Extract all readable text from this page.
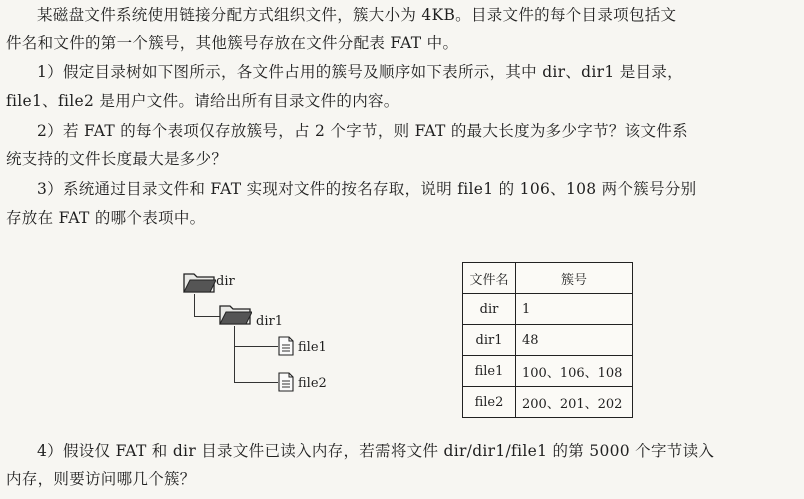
某磁盘文件系统使用链接分配方式组织文件，簇大小为 4KB。目录文件的每个目录项包括文

件名和文件的第一个簇号，其他簇号存放在文件分配表 FAT 中。

1）假定目录树如下图所示，各文件占用的簇号及顺序如下表所示，其中 dir、dir1 是目录，

file1、file2 是用户文件。请给出所有目录文件的内容。

2）若 FAT 的每个表项仅存放簇号，占 2 个字节，则 FAT 的最大长度为多少字节？该文件系

统支持的文件长度最大是多少？

3）系统通过目录文件和 FAT 实现对文件的按名存取，说明 file1 的 106、108 两个簇号分别

存放在 FAT 的哪个表项中。

dir
dir1
file1
file2
文件名	簇号
dir	1
dir1	48
file1	100、106、108
file2	200、201、202

4）假设仅 FAT 和 dir 目录文件已读入内存，若需将文件 dir/dir1/file1 的第 5000 个字节读入

内存，则要访问哪几个簇？
